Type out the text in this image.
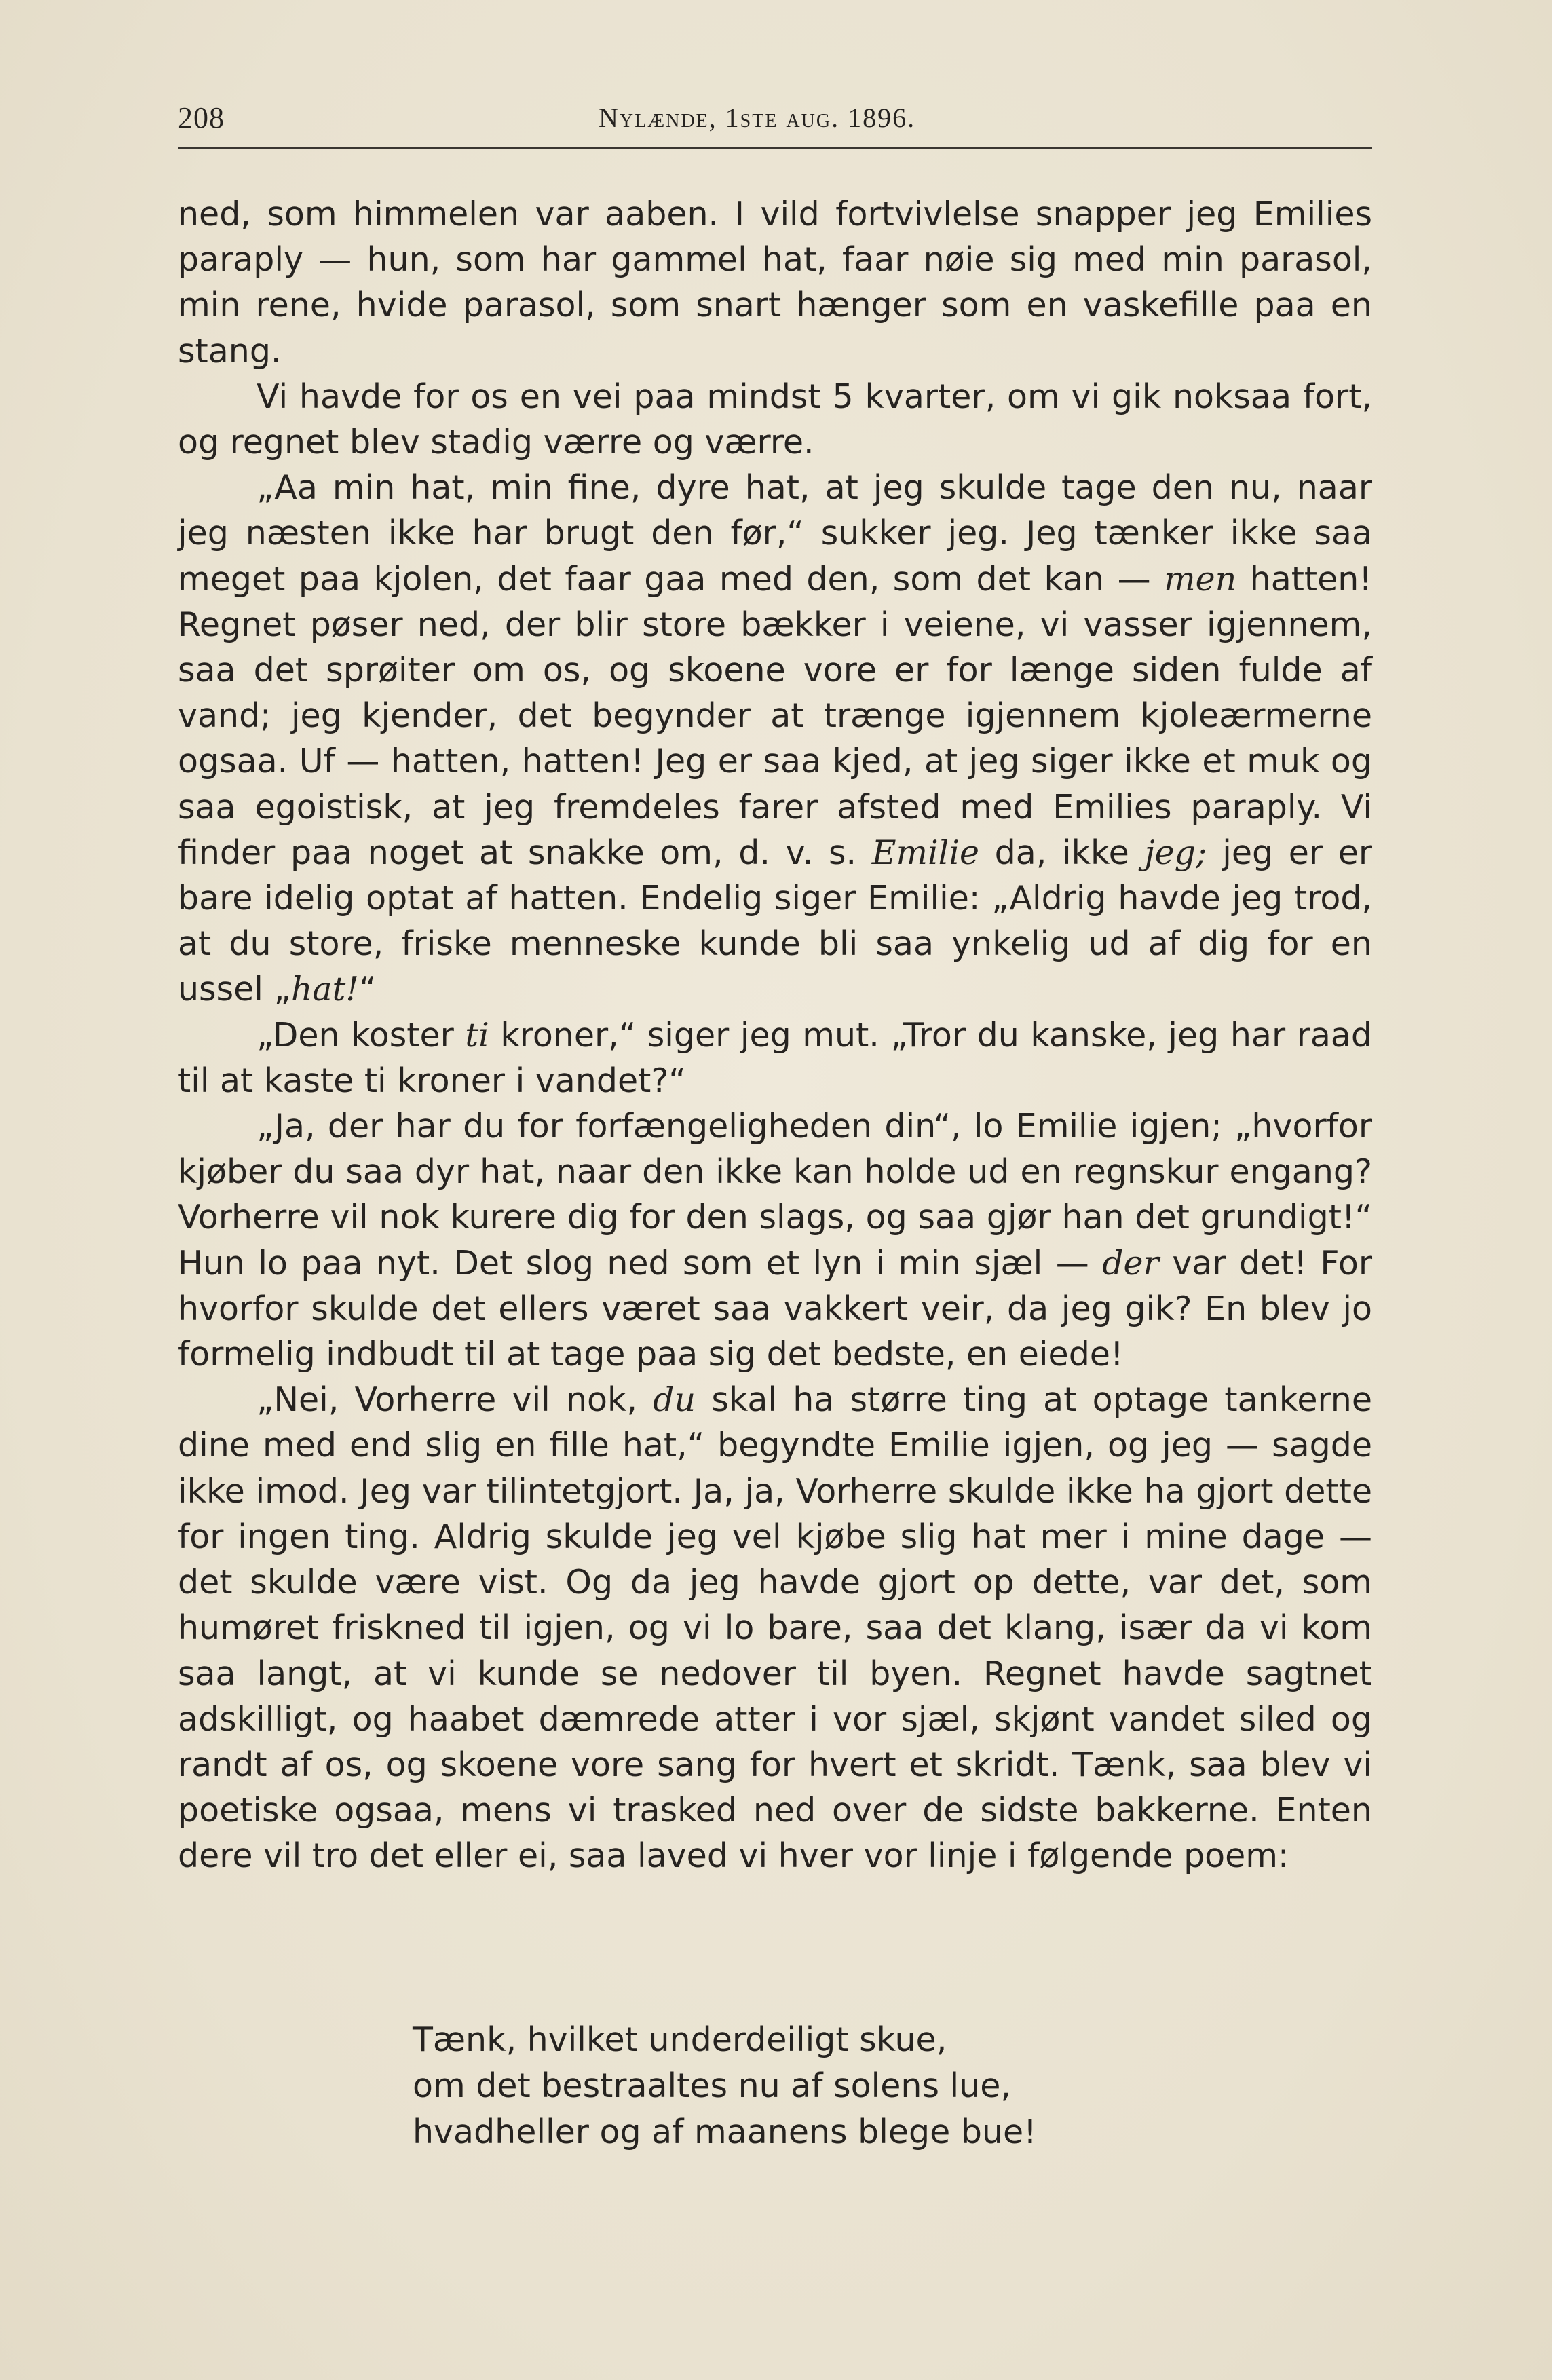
208	Nylænde, 1ste aug. 1896.

ned, som himmelen var aaben. I vild fortvivlelse snapper jeg Emilies paraply — hun, som har gammel hat, faar nøie sig med min parasol, min rene, hvide parasol, som snart hænger som en vaskefille paa en stang.

Vi havde for os en vei paa mindst 5 kvarter, om vi gik noksaa fort, og regnet blev stadig værre og værre.

„Aa min hat, min fine, dyre hat, at jeg skulde tage den nu, naar jeg næsten ikke har brugt den før,“ sukker jeg. Jeg tænker ikke saa meget paa kjolen, det faar gaa med den, som det kan — men hatten! Regnet pøser ned, der blir store bækker i veiene, vi vasser igjennem, saa det sprøiter om os, og skoene vore er for længe siden fulde af vand; jeg kjender, det begynder at trænge igjennem kjoleærmerne ogsaa. Uf — hatten, hatten! Jeg er saa kjed, at jeg siger ikke et muk og saa egoistisk, at jeg fremdeles farer afsted med Emilies paraply. Vi finder paa noget at snakke om, d. v. s. Emilie da, ikke jeg; jeg er er bare idelig optat af hatten. Endelig siger Emilie: „Aldrig havde jeg trod, at du store, friske menneske kunde bli saa ynkelig ud af dig for en ussel „hat!“

„Den koster ti kroner,“ siger jeg mut. „Tror du kanske, jeg har raad til at kaste ti kroner i vandet?“

„Ja, der har du for forfængeligheden din“, lo Emilie igjen; „hvorfor kjøber du saa dyr hat, naar den ikke kan holde ud en regnskur engang? Vorherre vil nok kurere dig for den slags, og saa gjør han det grundigt!“ Hun lo paa nyt. Det slog ned som et lyn i min sjæl — der var det! For hvorfor skulde det ellers været saa vakkert veir, da jeg gik? En blev jo formelig indbudt til at tage paa sig det bedste, en eiede!

„Nei, Vorherre vil nok, du skal ha større ting at optage tankerne dine med end slig en fille hat,“ begyndte Emilie igjen, og jeg — sagde ikke imod. Jeg var tilintetgjort. Ja, ja, Vorherre skulde ikke ha gjort dette for ingen ting. Aldrig skulde jeg vel kjøbe slig hat mer i mine dage — det skulde være vist. Og da jeg havde gjort op dette, var det, som humøret friskned til igjen, og vi lo bare, saa det klang, især da vi kom saa langt, at vi kunde se nedover til byen. Regnet havde sagtnet adskilligt, og haabet dæmrede atter i vor sjæl, skjønt vandet siled og randt af os, og skoene vore sang for hvert et skridt. Tænk, saa blev vi poetiske ogsaa, mens vi trasked ned over de sidste bakkerne. Enten dere vil tro det eller ei, saa laved vi hver vor linje i følgende poem:

Tænk, hvilket underdeiligt skue,
om det bestraaltes nu af solens lue,
hvadheller og af maanens blege bue!
